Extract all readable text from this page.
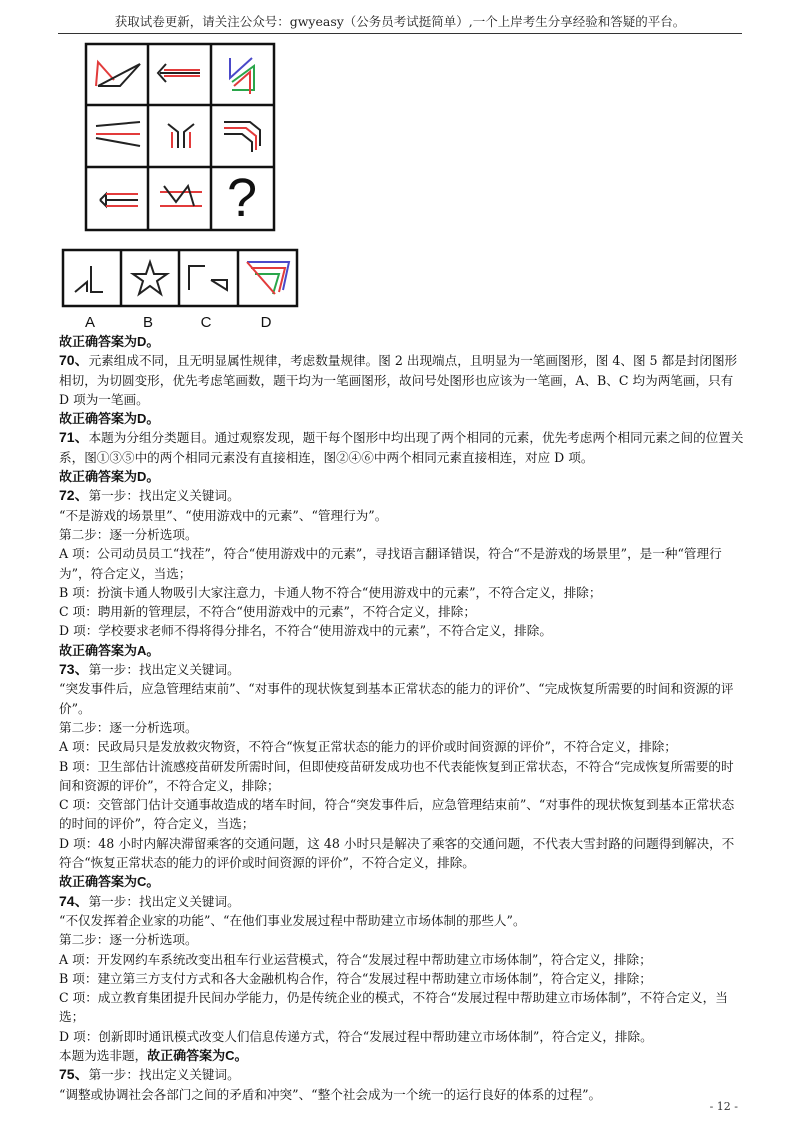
获取试卷更新，请关注公众号：gwyeasy（公务员考试挺简单）,一个上岸考生分享经验和答疑的平台。
?
A	B	C	D

故正确答案为D。

70、元素组成不同，且无明显属性规律，考虑数量规律。图 2 出现端点，且明显为一笔画图形，图 4、图 5 都是封闭图形相切，为切圆变形，优先考虑笔画数，题干均为一笔画图形，故问号处图形也应该为一笔画，A、B、C 均为两笔画，只有 D 项为一笔画。

故正确答案为D。

71、本题为分组分类题目。通过观察发现，题干每个图形中均出现了两个相同的元素，优先考虑两个相同元素之间的位置关系，图①③⑤中的两个相同元素没有直接相连，图②④⑥中两个相同元素直接相连，对应 D 项。

故正确答案为D。

72、第一步：找出定义关键词。

“不是游戏的场景里”、“使用游戏中的元素”、“管理行为”。

第二步：逐一分析选项。

A 项：公司动员员工“找茬”，符合“使用游戏中的元素”，寻找语言翻译错误，符合“不是游戏的场景里”，是一种“管理行为”，符合定义，当选；

B 项：扮演卡通人物吸引大家注意力，卡通人物不符合“使用游戏中的元素”，不符合定义，排除；

C 项：聘用新的管理层，不符合“使用游戏中的元素”，不符合定义，排除；

D 项：学校要求老师不得将得分排名，不符合“使用游戏中的元素”，不符合定义，排除。

故正确答案为A。

73、第一步：找出定义关键词。

“突发事件后，应急管理结束前”、“对事件的现状恢复到基本正常状态的能力的评价”、“完成恢复所需要的时间和资源的评价”。

第二步：逐一分析选项。

A 项：民政局只是发放救灾物资，不符合“恢复正常状态的能力的评价或时间资源的评价”，不符合定义，排除；

B 项：卫生部估计流感疫苗研发所需时间，但即使疫苗研发成功也不代表能恢复到正常状态，不符合“完成恢复所需要的时间和资源的评价”，不符合定义，排除；

C 项：交管部门估计交通事故造成的堵车时间，符合“突发事件后，应急管理结束前”、“对事件的现状恢复到基本正常状态的时间的评价”，符合定义，当选；

D 项：48 小时内解决滞留乘客的交通问题，这 48 小时只是解决了乘客的交通问题，不代表大雪封路的问题得到解决，不符合“恢复正常状态的能力的评价或时间资源的评价”，不符合定义，排除。

故正确答案为C。

74、第一步：找出定义关键词。

“不仅发挥着企业家的功能”、“在他们事业发展过程中帮助建立市场体制的那些人”。

第二步：逐一分析选项。

A 项：开发网约车系统改变出租车行业运营模式，符合“发展过程中帮助建立市场体制”，符合定义，排除；

B 项：建立第三方支付方式和各大金融机构合作，符合“发展过程中帮助建立市场体制”，符合定义，排除；

C 项：成立教育集团提升民间办学能力，仍是传统企业的模式，不符合“发展过程中帮助建立市场体制”，不符合定义，当选；

D 项：创新即时通讯模式改变人们信息传递方式，符合“发展过程中帮助建立市场体制”，符合定义，排除。

本题为选非题，故正确答案为C。

75、第一步：找出定义关键词。

“调整或协调社会各部门之间的矛盾和冲突”、“整个社会成为一个统一的运行良好的体系的过程”。

- 12 -
